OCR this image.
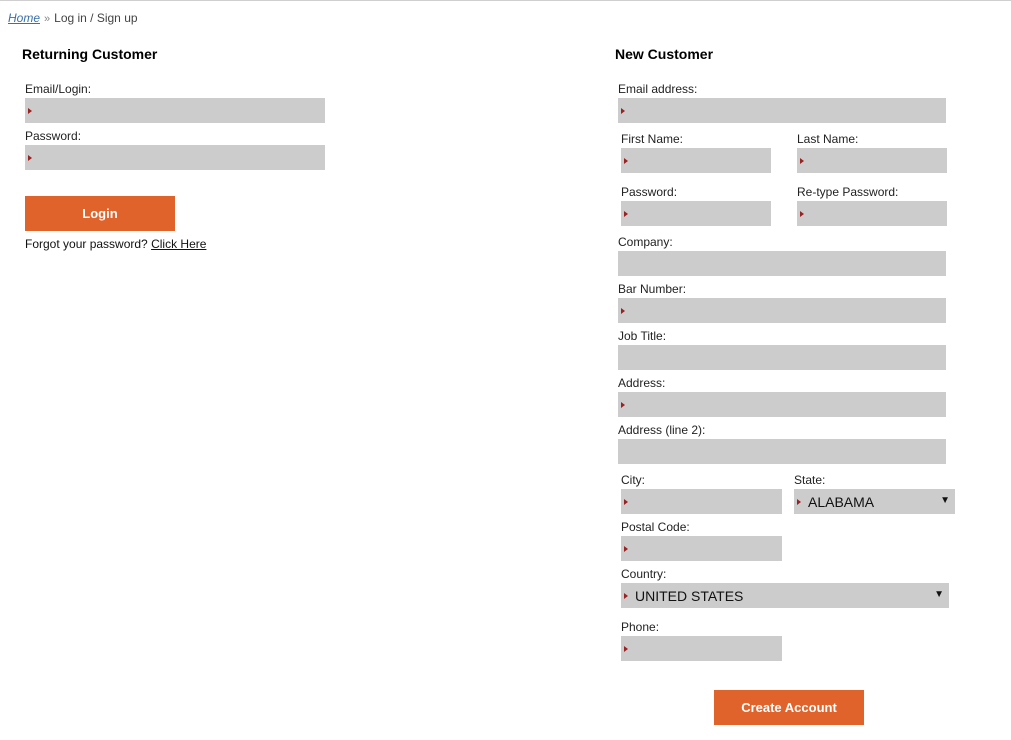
Home » Log in / Sign up
Returning Customer
Email/Login:
Password:
Login
Forgot your password? Click Here
New Customer
Email address:
First Name:	Last Name:
Password:	Re-type Password:
Company:
Bar Number:
Job Title:
Address:
Address (line 2):
City:	State:
ALABAMA	▼
Postal Code:
Country:
UNITED STATES	▼
Phone:
Create Account
